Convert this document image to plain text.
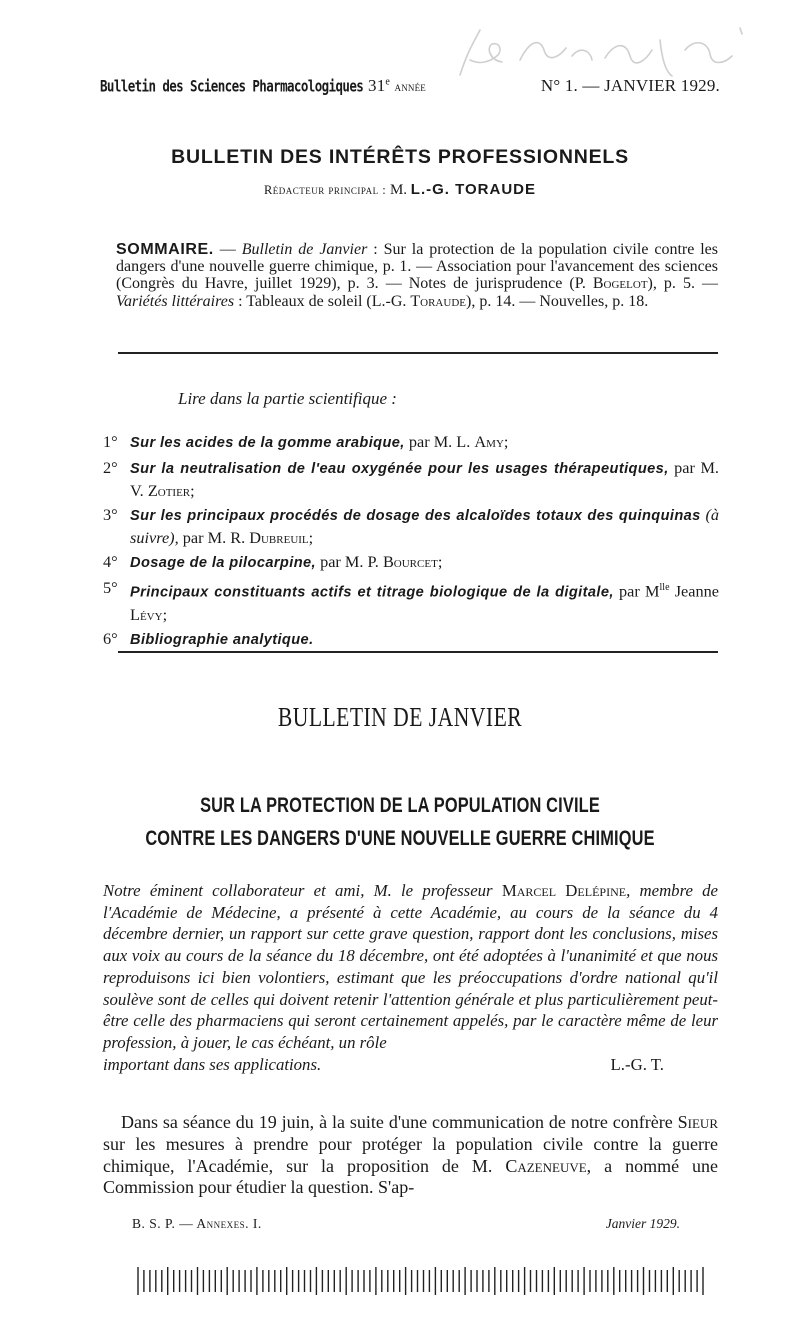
Bulletin des Sciences Pharmacologiques 31e année	N° 1. — JANVIER 1929.
BULLETIN DES INTÉRÊTS PROFESSIONNELS
Rédacteur principal : M. L.-G. TORAUDE
SOMMAIRE. — Bulletin de Janvier : Sur la protection de la population civile contre les dangers d'une nouvelle guerre chimique, p. 1. — Association pour l'avancement des sciences (Congrès du Havre, juillet 1929), p. 3. — Notes de jurisprudence (P. Bogelot), p. 5. — Variétés littéraires : Tableaux de soleil (L.-G. Toraude), p. 14. — Nouvelles, p. 18.
Lire dans la partie scientifique :
1° Sur les acides de la gomme arabique, par M. L. Amy;
2° Sur la neutralisation de l'eau oxygénée pour les usages thérapeutiques, par M. V. Zotier;
3° Sur les principaux procédés de dosage des alcaloïdes totaux des quinquinas (à suivre), par M. R. Dubreuil;
4° Dosage de la pilocarpine, par M. P. Bourcet;
5° Principaux constituants actifs et titrage biologique de la digitale, par $M^{lle}$ Jeanne Lévy;
6° Bibliographie analytique.
BULLETIN DE JANVIER
SUR LA PROTECTION DE LA POPULATION CIVILE
CONTRE LES DANGERS D'UNE NOUVELLE GUERRE CHIMIQUE
Notre éminent collaborateur et ami, M. le professeur Marcel Delépine, membre de l'Académie de Médecine, a présenté à cette Académie, au cours de la séance du 4 décembre dernier, un rapport sur cette grave question, rapport dont les conclusions, mises aux voix au cours de la séance du 18 décembre, ont été adoptées à l'unanimité et que nous reproduisons ici bien volontiers, estimant que les préoccupations d'ordre national qu'il soulève sont de celles qui doivent retenir l'attention générale et plus particulièrement peut-être celle des pharmaciens qui seront certainement appelés, par le caractère même de leur profession, à jouer, le cas échéant, un rôle
important dans ses applications.	L.-G. T.
Dans sa séance du 19 juin, à la suite d'une communication de notre confrère Sieur sur les mesures à prendre pour protéger la population civile contre la guerre chimique, l'Académie, sur la proposition de M. Cazeneuve, a nommé une Commission pour étudier la question. S'ap-
B. S. P. — Annexes. I.	Janvier 1929.
